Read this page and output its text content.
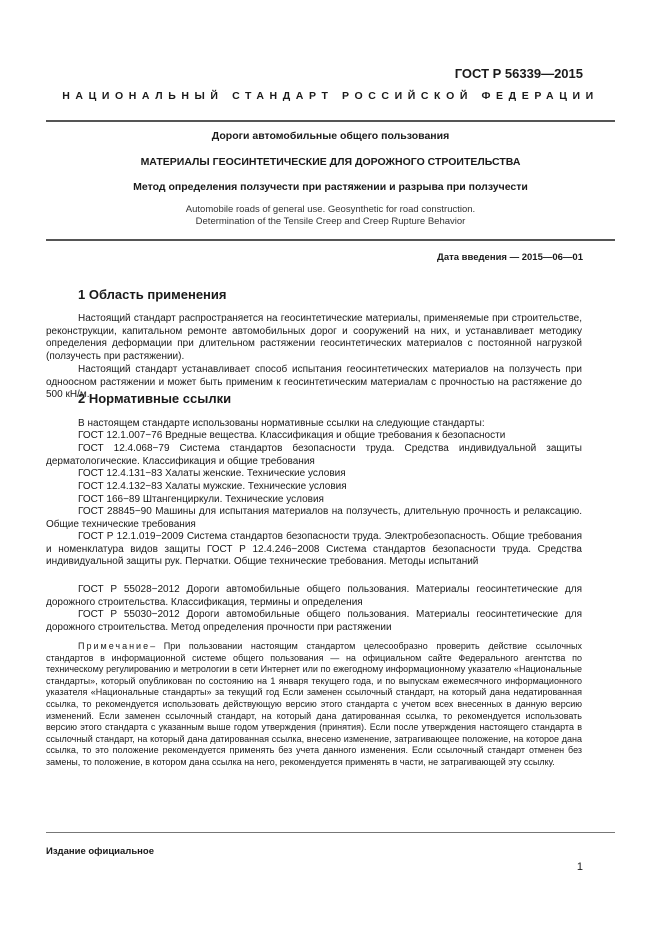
ГОСТ Р 56339—2015
НАЦИОНАЛЬНЫЙ СТАНДАРТ РОССИЙСКОЙ ФЕДЕРАЦИИ
Дороги автомобильные общего пользования
МАТЕРИАЛЫ ГЕОСИНТЕТИЧЕСКИЕ ДЛЯ ДОРОЖНОГО СТРОИТЕЛЬСТВА
Метод определения ползучести при растяжении и разрыва при ползучести
Automobile roads of general use. Geosynthetic for road construction.
Determination of the Tensile Creep and Creep Rupture Behavior
Дата введения — 2015—06—01
1 Область применения
Настоящий стандарт распространяется на геосинтетические материалы, применяемые при строительстве, реконструкции, капитальном ремонте автомобильных дорог и сооружений на них, и устанавливает методику определения деформации при длительном растяжении геосинтетических материалов с постоянной нагрузкой (ползучесть при растяжении).
Настоящий стандарт устанавливает способ испытания геосинтетических материалов на ползучесть при одноосном растяжении и может быть применим к геосинтетическим материалам с прочностью на растяжение до 500 кН/м.
2 Нормативные ссылки
В настоящем стандарте использованы нормативные ссылки на следующие стандарты:
ГОСТ 12.1.007−76 Вредные вещества. Классификация и общие требования к безопасности
ГОСТ 12.4.068−79 Система стандартов безопасности труда. Средства индивидуальной защиты дерматологические. Классификация и общие требования
ГОСТ 12.4.131−83 Халаты женские. Технические условия
ГОСТ 12.4.132−83 Халаты мужские. Технические условия
ГОСТ 166−89 Штангенциркули. Технические условия
ГОСТ 28845−90 Машины для испытания материалов на ползучесть, длительную прочность и релаксацию. Общие технические требования
ГОСТ Р 12.1.019−2009 Система стандартов безопасности труда. Электробезопасность. Общие требования и номенклатура видов защиты ГОСТ Р 12.4.246−2008 Система стандартов безопасности труда. Средства индивидуальной защиты рук. Перчатки. Общие технические требования. Методы испытаний
ГОСТ Р 55028−2012 Дороги автомобильные общего пользования. Материалы геосинтетические для дорожного строительства. Классификация, термины и определения
ГОСТ Р 55030−2012 Дороги автомобильные общего пользования. Материалы геосинтетические для дорожного строительства. Метод определения прочности при растяжении
Примечание– При пользовании настоящим стандартом целесообразно проверить действие ссылочных стандартов в информационной системе общего пользования — на официальном сайте Федерального агентства по техническому регулированию и метрологии в сети Интернет или по ежегодному информационному указателю «Национальные стандарты», который опубликован по состоянию на 1 января текущего года, и по выпускам ежемесячного информационного указателя «Национальные стандарты» за текущий год Если заменен ссылочный стандарт, на который дана недатированная ссылка, то рекомендуется использовать действующую версию этого стандарта с учетом всех внесенных в данную версию изменений. Если заменен ссылочный стандарт, на который дана датированная ссылка, то рекомендуется использовать версию этого стандарта с указанным выше годом утверждения (принятия). Если после утверждения настоящего стандарта в ссылочный стандарт, на который дана датированная ссылка, внесено изменение, затрагивающее положение, на которое дана ссылка, то это положение рекомендуется применять без учета данного изменения. Если ссылочный стандарт отменен без замены, то положение, в котором дана ссылка на него, рекомендуется применять в части, не затрагивающей эту ссылку.
Издание официальное
1
